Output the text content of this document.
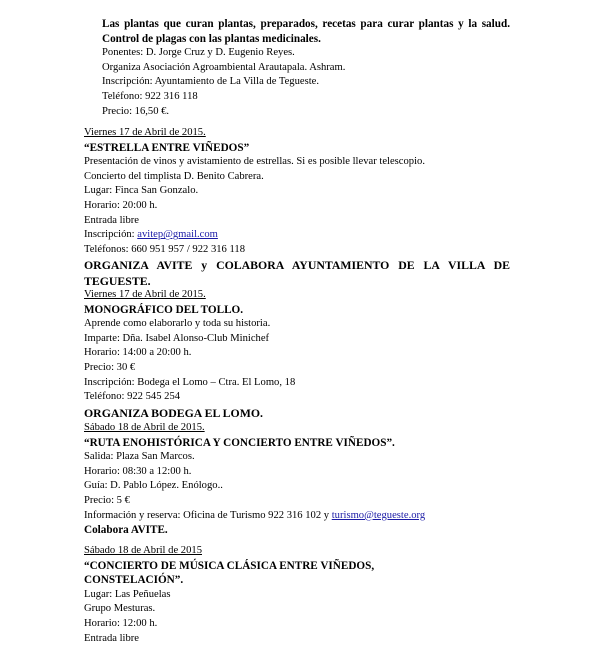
Las plantas que curan plantas, preparados, recetas para curar plantas y la salud. Control de plagas con las plantas medicinales.
Ponentes: D. Jorge Cruz y D. Eugenio Reyes.
Organiza Asociación Agroambiental Arautapala. Ashram.
Inscripción: Ayuntamiento de La Villa de Tegueste.
Teléfono: 922 316 118
Precio: 16,50 €.
Viernes 17 de Abril de 2015.
“ESTRELLA ENTRE VIÑEDOS”
Presentación de vinos y avistamiento de estrellas. Si es posible llevar telescopio.
Concierto del timplista D. Benito Cabrera.
Lugar: Finca San Gonzalo.
Horario: 20:00 h.
Entrada libre
Inscripción: avitep@gmail.com
Teléfonos: 660 951 957 / 922 316 118
ORGANIZA AVITE y COLABORA AYUNTAMIENTO DE LA VILLA DE TEGUESTE.
Viernes 17 de Abril de 2015.
MONOGRÁFICO DEL TOLLO.
Aprende como elaborarlo y toda su historia.
Imparte: Dña. Isabel Alonso-Club Minichef
Horario: 14:00 a 20:00 h.
Precio: 30 €
Inscripción: Bodega el Lomo – Ctra. El Lomo, 18
Teléfono: 922 545 254
ORGANIZA BODEGA EL LOMO.
Sábado 18 de Abril de 2015.
“RUTA ENOHISTÓRICA Y CONCIERTO ENTRE VIÑEDOS”.
Salida: Plaza San Marcos.
Horario: 08:30 a 12:00 h.
Guía: D. Pablo López. Enólogo..
Precio: 5 €
Información y reserva: Oficina de Turismo 922 316 102 y turismo@tegueste.org
Colabora AVITE.
Sábado 18 de Abril de 2015
“CONCIERTO DE MÚSICA CLÁSICA ENTRE VIÑEDOS,
CONSTELACIÓN”.
Lugar: Las Peñuelas
Grupo Mesturas.
Horario: 12:00 h.
Entrada libre
